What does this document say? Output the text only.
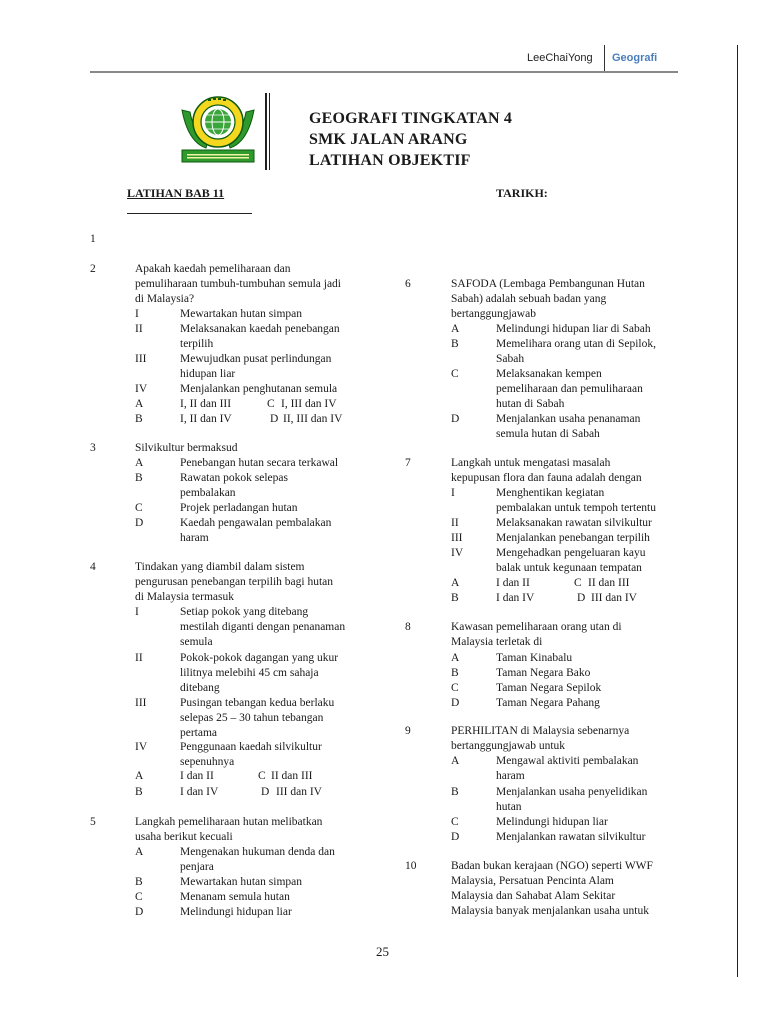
LeeChaiYong Geografi
GEOGRAFI TINGKATAN 4
SMK JALAN ARANG
LATIHAN OBJEKTIF
LATIHAN BAB 11	TARIKH:
1
2	Apakah kaedah pemeliharaan dan
pemuliharaan tumbuh-tumbuhan semula jadi
di Malaysia?
I	Mewartakan hutan simpan
II	Melaksanakan kaedah penebangan
terpilih
III	Mewujudkan pusat perlindungan
hidupan liar
IV	Menjalankan penghutanan semula
A	I, II dan III	C I, III dan IV
B	I, II dan IV	D II, III dan IV
3	Silvikultur bermaksud
A	Penebangan hutan secara terkawal
B	Rawatan pokok selepas
pembalakan
C	Projek perladangan hutan
D	Kaedah pengawalan pembalakan
haram
4	Tindakan yang diambil dalam sistem
pengurusan penebangan terpilih bagi hutan
di Malaysia termasuk
I	Setiap pokok yang ditebang
mestilah diganti dengan penanaman
semula
II	Pokok-pokok dagangan yang ukur
lilitnya melebihi 45 cm sahaja
ditebang
III	Pusingan tebangan kedua berlaku
selepas 25 – 30 tahun tebangan
pertama
IV	Penggunaan kaedah silvikultur
sepenuhnya
A	I dan II	C II dan III
B	I dan IV	D III dan IV
5	Langkah pemeliharaan hutan melibatkan
usaha berikut kecuali
A	Mengenakan hukuman denda dan
penjara
B	Mewartakan hutan simpan
C	Menanam semula hutan
D	Melindungi hidupan liar
6	SAFODA (Lembaga Pembangunan Hutan
Sabah) adalah sebuah badan yang
bertanggungjawab
A	Melindungi hidupan liar di Sabah
B	Memelihara orang utan di Sepilok,
Sabah
C	Melaksanakan kempen
pemeliharaan dan pemuliharaan
hutan di Sabah
D	Menjalankan usaha penanaman
semula hutan di Sabah
7	Langkah untuk mengatasi masalah
kepupusan flora dan fauna adalah dengan
I	Menghentikan kegiatan
pembalakan untuk tempoh tertentu
II	Melaksanakan rawatan silvikultur
III	Menjalankan penebangan terpilih
IV	Mengehadkan pengeluaran kayu
balak untuk kegunaan tempatan
A	I dan II	C II dan III
B	I dan IV	D III dan IV
8	Kawasan pemeliharaan orang utan di
Malaysia terletak di
A	Taman Kinabalu
B	Taman Negara Bako
C	Taman Negara Sepilok
D	Taman Negara Pahang
9	PERHILITAN di Malaysia sebenarnya
bertanggungjawab untuk
A	Mengawal aktiviti pembalakan
haram
B	Menjalankan usaha penyelidikan
hutan
C	Melindungi hidupan liar
D	Menjalankan rawatan silvikultur
10	Badan bukan kerajaan (NGO) seperti WWF
Malaysia, Persatuan Pencinta Alam
Malaysia dan Sahabat Alam Sekitar
Malaysia banyak menjalankan usaha untuk
25
